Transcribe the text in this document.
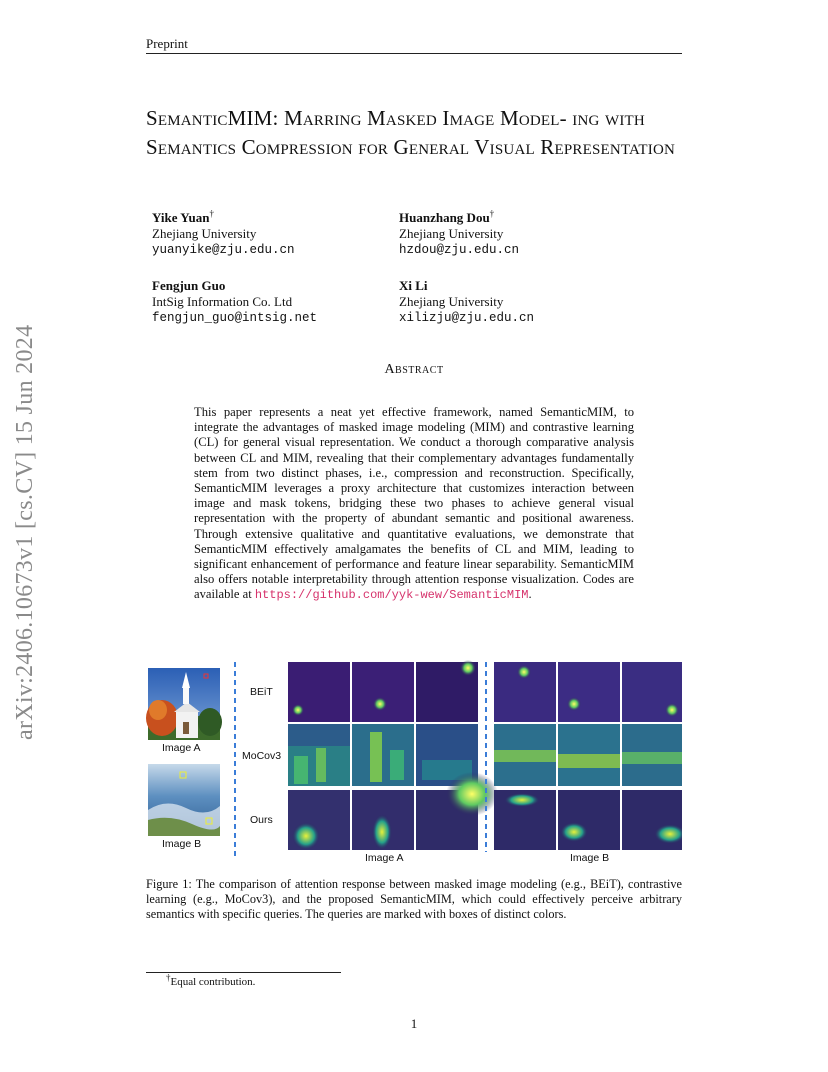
Preprint
arXiv:2406.10673v1 [cs.CV] 15 Jun 2024
SemanticMIM: Marring Masked Image Model- ing with Semantics Compression for General Visual Representation
Yike Yuan†
Zhejiang University
yuanyike@zju.edu.cn
Huanzhang Dou†
Zhejiang University
hzdou@zju.edu.cn
Fengjun Guo
IntSig Information Co. Ltd
fengjun_guo@intsig.net
Xi Li
Zhejiang University
xilizju@zju.edu.cn
Abstract
This paper represents a neat yet effective framework, named SemanticMIM, to integrate the advantages of masked image modeling (MIM) and contrastive learning (CL) for general visual representation. We conduct a thorough comparative analysis between CL and MIM, revealing that their complementary advantages fundamentally stem from two distinct phases, i.e., compression and reconstruction. Specifically, SemanticMIM leverages a proxy architecture that customizes interaction between image and mask tokens, bridging these two phases to achieve general visual representation with the property of abundant semantic and positional awareness. Through extensive qualitative and quantitative evaluations, we demonstrate that SemanticMIM effectively amalgamates the benefits of CL and MIM, leading to significant enhancement of performance and feature linear separability. SemanticMIM also offers notable interpretability through attention response visualization. Codes are available at https://github.com/yyk-wew/SemanticMIM.
Image A
Image B
BEiT
MoCov3
Ours
Image A	Image B
Figure 1: The comparison of attention response between masked image modeling (e.g., BEiT), contrastive learning (e.g., MoCov3), and the proposed SemanticMIM, which could effectively perceive arbitrary semantics with specific queries. The queries are marked with boxes of distinct colors.
†Equal contribution.
1
